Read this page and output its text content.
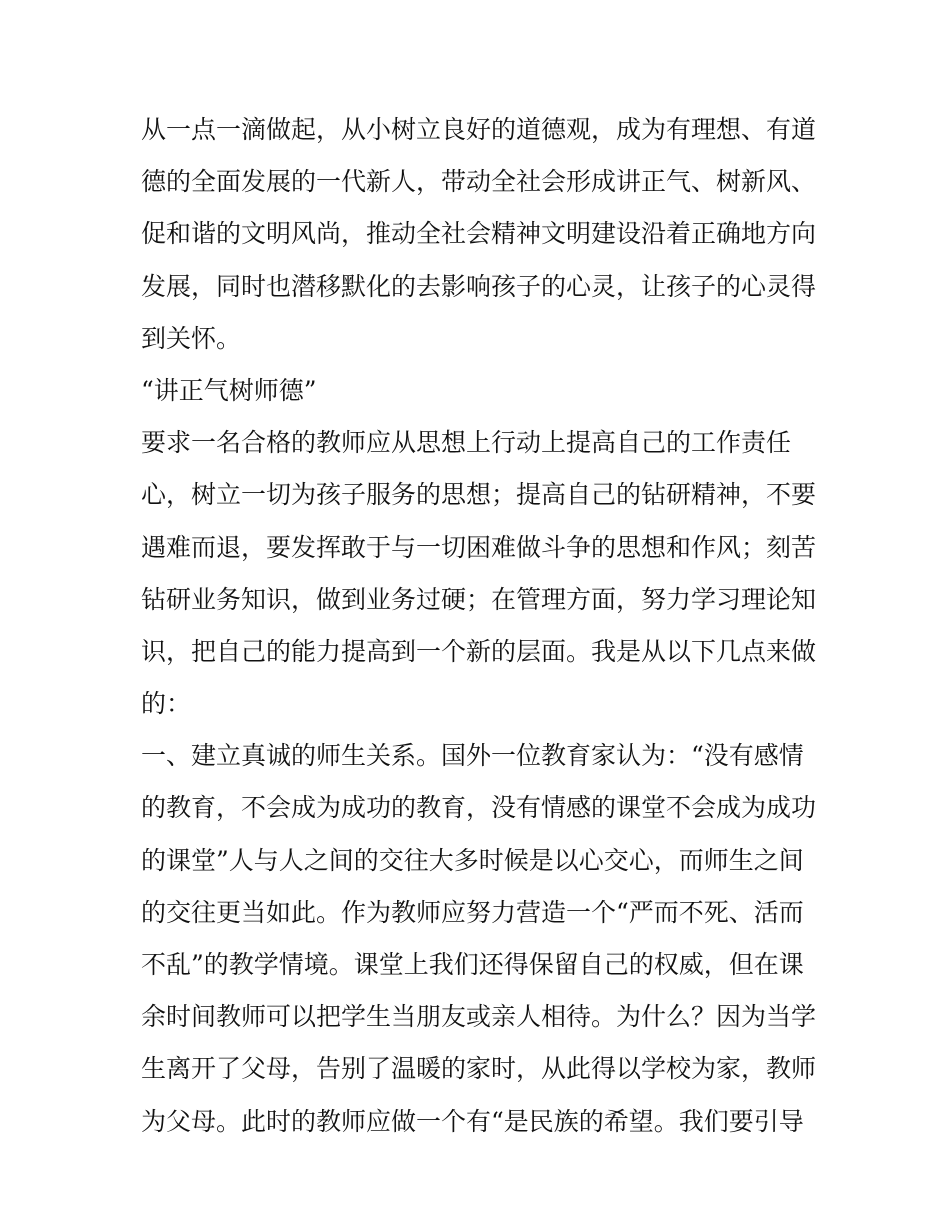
从一点一滴做起，从小树立良好的道德观，成为有理想、有道
德的全面发展的一代新人，带动全社会形成讲正气、树新风、
促和谐的文明风尚，推动全社会精神文明建设沿着正确地方向
发展，同时也潜移默化的去影响孩子的心灵，让孩子的心灵得
到关怀。
“讲正气树师德”
要求一名合格的教师应从思想上行动上提高自己的工作责任
心，树立一切为孩子服务的思想；提高自己的钻研精神，不要
遇难而退，要发挥敢于与一切困难做斗争的思想和作风；刻苦
钻研业务知识，做到业务过硬；在管理方面，努力学习理论知
识，把自己的能力提高到一个新的层面。我是从以下几点来做
的：
一、建立真诚的师生关系。国外一位教育家认为：“没有感情
的教育，不会成为成功的教育，没有情感的课堂不会成为成功
的课堂”人与人之间的交往大多时候是以心交心，而师生之间
的交往更当如此。作为教师应努力营造一个“严而不死、活而
不乱”的教学情境。课堂上我们还得保留自己的权威，但在课
余时间教师可以把学生当朋友或亲人相待。为什么？因为当学
生离开了父母，告别了温暖的家时，从此得以学校为家，教师
为父母。此时的教师应做一个有“是民族的希望。我们要引导
